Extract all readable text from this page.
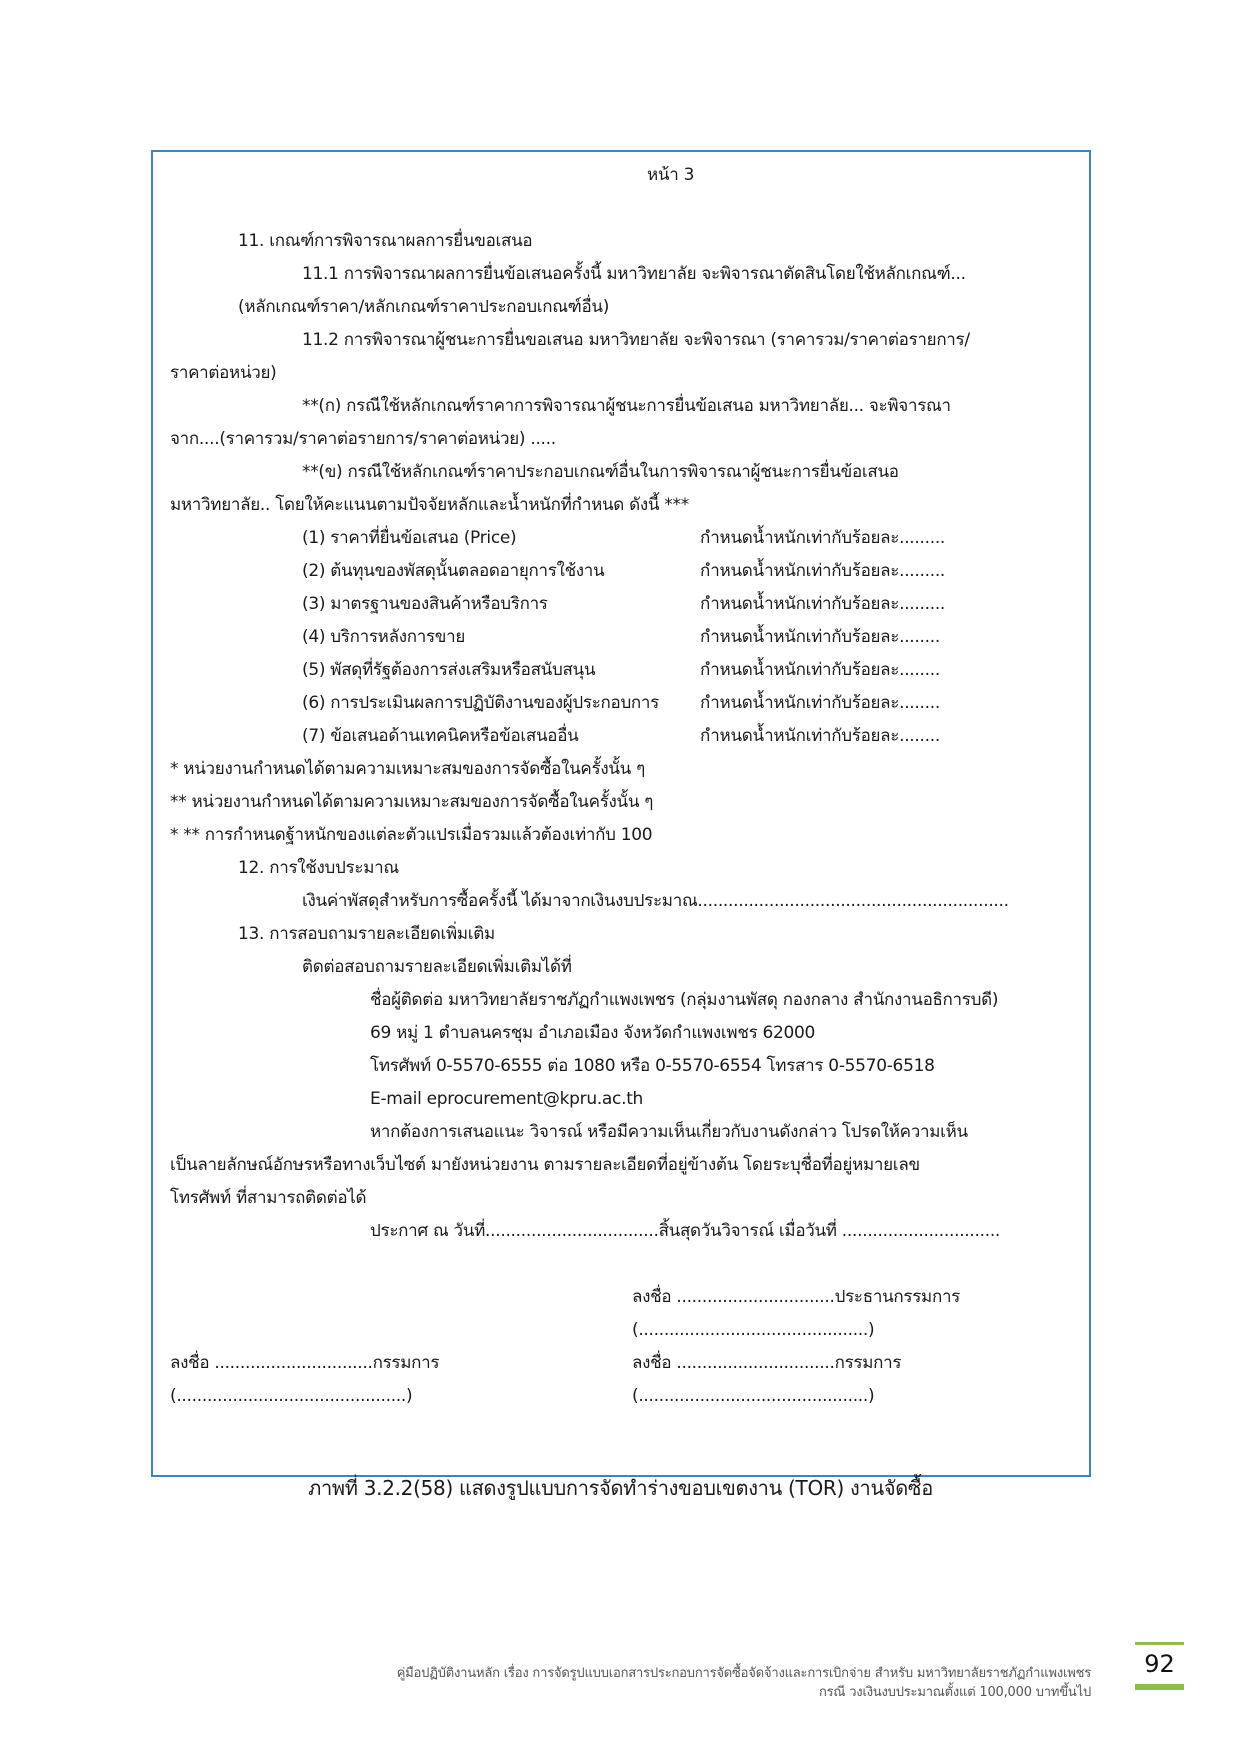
หน้า 3
11. เกณฑ์การพิจารณาผลการยื่นขอเสนอ
11.1 การพิจารณาผลการยื่นข้อเสนอครั้งนี้ มหาวิทยาลัย จะพิจารณาตัดสินโดยใช้หลักเกณฑ์...
(หลักเกณฑ์ราคา/หลักเกณฑ์ราคาประกอบเกณฑ์อื่น)
11.2 การพิจารณาผู้ชนะการยื่นขอเสนอ มหาวิทยาลัย จะพิจารณา (ราคารวม/ราคาต่อรายการ/
ราคาต่อหน่วย)
**(ก) กรณีใช้หลักเกณฑ์ราคาการพิจารณาผู้ชนะการยื่นข้อเสนอ มหาวิทยาลัย... จะพิจารณา
จาก....(ราคารวม/ราคาต่อรายการ/ราคาต่อหน่วย) .....
**(ข) กรณีใช้หลักเกณฑ์ราคาประกอบเกณฑ์อื่นในการพิจารณาผู้ชนะการยื่นข้อเสนอ
มหาวิทยาลัย.. โดยให้คะแนนตามปัจจัยหลักและน้ำหนักที่กำหนด ดังนี้ ***
(1) ราคาที่ยื่นข้อเสนอ (Price)	กำหนดน้ำหนักเท่ากับร้อยละ.........
(2) ต้นทุนของพัสดุนั้นตลอดอายุการใช้งาน	กำหนดน้ำหนักเท่ากับร้อยละ.........
(3) มาตรฐานของสินค้าหรือบริการ	กำหนดน้ำหนักเท่ากับร้อยละ.........
(4) บริการหลังการขาย	กำหนดน้ำหนักเท่ากับร้อยละ........
(5) พัสดุที่รัฐต้องการส่งเสริมหรือสนับสนุน	กำหนดน้ำหนักเท่ากับร้อยละ........
(6) การประเมินผลการปฏิบัติงานของผู้ประกอบการ กำหนดน้ำหนักเท่ากับร้อยละ........
(7) ข้อเสนอด้านเทคนิคหรือข้อเสนออื่น	กำหนดน้ำหนักเท่ากับร้อยละ........
* หน่วยงานกำหนดได้ตามความเหมาะสมของการจัดซื้อในครั้งนั้น ๆ
** หน่วยงานกำหนดได้ตามความเหมาะสมของการจัดซื้อในครั้งนั้น ๆ
* ** การกำหนดฐ้าหนักของแต่ละตัวแปรเมื่อรวมแล้วต้องเท่ากับ 100
12. การใช้งบประมาณ
เงินค่าพัสดุสำหรับการซื้อครั้งนี้ ได้มาจากเงินงบประมาณ.............................................................
13. การสอบถามรายละเอียดเพิ่มเติม
ติดต่อสอบถามรายละเอียดเพิ่มเติมได้ที่
ชื่อผู้ติดต่อ มหาวิทยาลัยราชภัฏกำแพงเพชร (กลุ่มงานพัสดุ กองกลาง สำนักงานอธิการบดี)
69 หมู่ 1 ตำบลนครชุม อำเภอเมือง จังหวัดกำแพงเพชร 62000
โทรศัพท์ 0-5570-6555 ต่อ 1080 หรือ 0-5570-6554 โทรสาร 0-5570-6518
E-mail eprocurement@kpru.ac.th
หากต้องการเสนอแนะ วิจารณ์ หรือมีความเห็นเกี่ยวกับงานดังกล่าว โปรดให้ความเห็น
เป็นลายลักษณ์อักษรหรือทางเว็บไซต์ มายังหน่วยงาน ตามรายละเอียดที่อยู่ข้างต้น โดยระบุชื่อที่อยู่หมายเลข
โทรศัพท์ ที่สามารถติดต่อได้
ประกาศ ณ วันที่..................................สิ้นสุดวันวิจารณ์ เมื่อวันที่ ...............................
ลงชื่อ ...............................ประธานกรรมการ
(.............................................)
ลงชื่อ ...............................กรรมการ	ลงชื่อ ...............................กรรมการ
(.............................................)	(.............................................)
ภาพที่ 3.2.2(58) แสดงรูปแบบการจัดทำร่างขอบเขตงาน (TOR) งานจัดซื้อ
คู่มือปฏิบัติงานหลัก เรื่อง การจัดรูปแบบเอกสารประกอบการจัดซื้อจัดจ้างและการเบิกจ่าย สำหรับ มหาวิทยาลัยราชภัฏกำแพงเพชร
กรณี วงเงินงบประมาณตั้งแต่ 100,000 บาทขึ้นไป
92
